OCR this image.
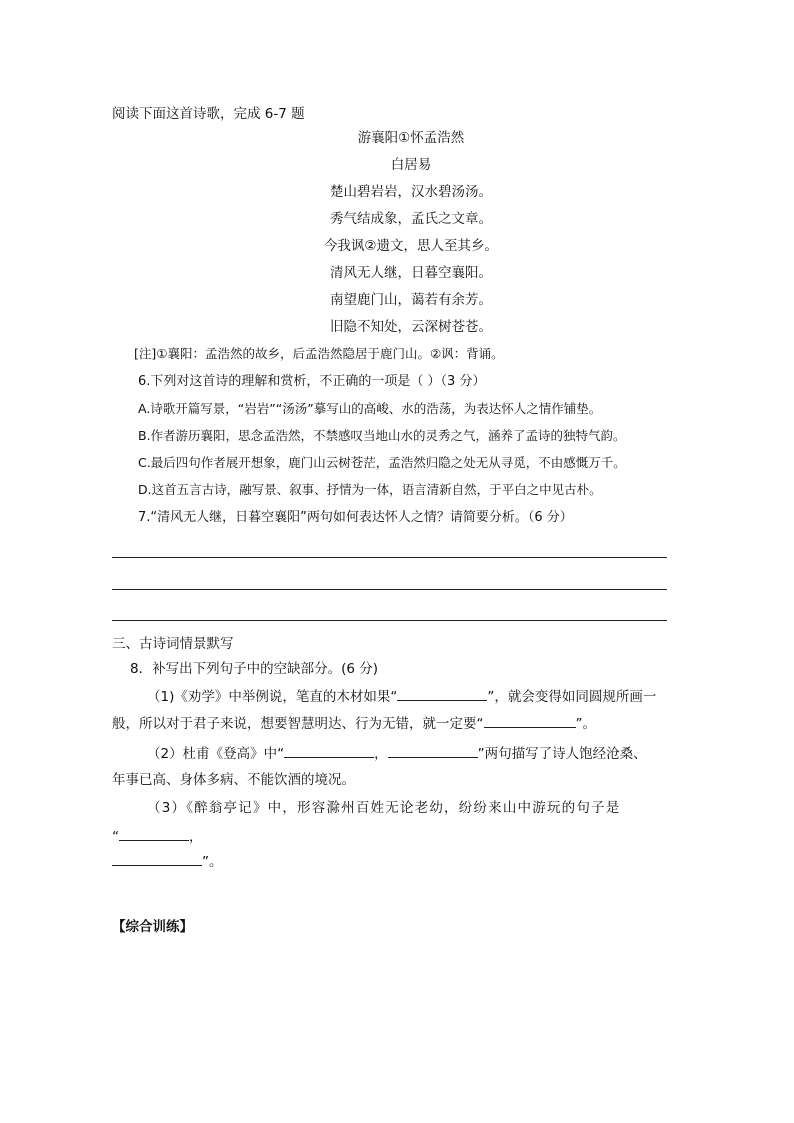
阅读下面这首诗歌，完成 6-7 题
游襄阳①怀孟浩然
白居易
楚山碧岩岩，汉水碧汤汤。
秀气结成象，孟氏之文章。
今我讽②遗文，思人至其乡。
清风无人继，日暮空襄阳。
南望鹿门山，蔼若有余芳。
旧隐不知处，云深树苍苍。
[注]①襄阳：孟浩然的故乡，后孟浩然隐居于鹿门山。②讽：背诵。
6.下列对这首诗的理解和赏析，不正确的一项是（ ）（3 分）
A.诗歌开篇写景，“岩岩”“汤汤”摹写山的高峻、水的浩荡，为表达怀人之情作铺垫。
B.作者游历襄阳，思念孟浩然，不禁感叹当地山水的灵秀之气，涵养了孟诗的独特气韵。
C.最后四句作者展开想象，鹿门山云树苍茫，孟浩然归隐之处无从寻觅，不由感慨万千。
D.这首五言古诗，融写景、叙事、抒情为一体，语言清新自然，于平白之中见古朴。
7.“清风无人继，日暮空襄阳”两句如何表达怀人之情？请简要分析。（6 分）
三、古诗词情景默写
8．补写出下列句子中的空缺部分。(6 分)
（1)《劝学》中举例说，笔直的木材如果“	”，就会变得如同圆规所画一
般，所以对于君子来说，想要智慧明达、行为无错，就一定要“	”。
（2）杜甫《登高》中“	，	”两句描写了诗人饱经沧桑、
年事已高、身体多病、不能饮酒的境况。
（3）《醉翁亭记》中，形容滁州百姓无论老幼，纷纷来山中游玩的句子是
“	，
”。
【综合训练】
